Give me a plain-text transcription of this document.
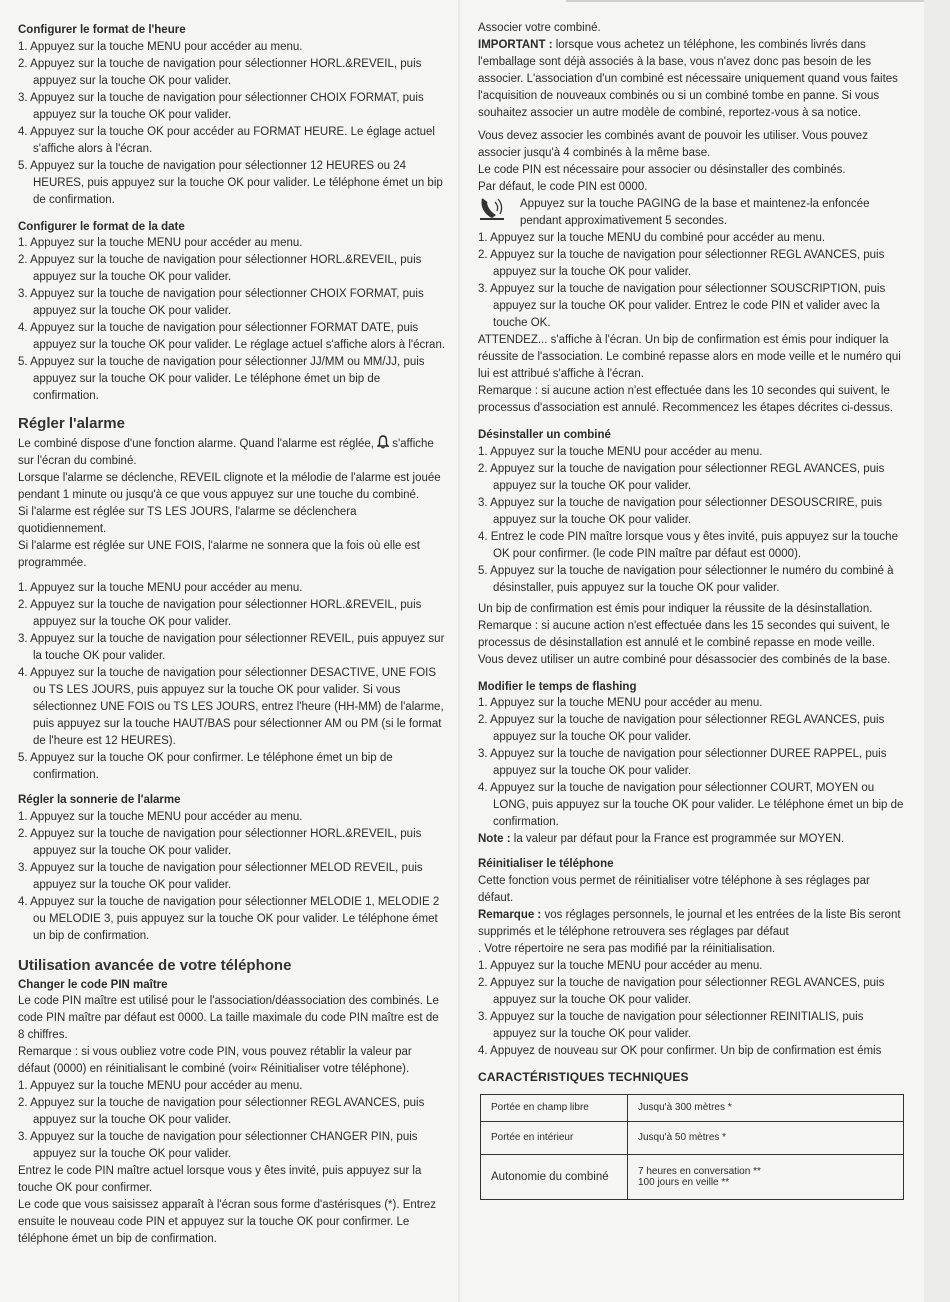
Configurer le format de l'heure
1. Appuyez sur la touche MENU pour accéder au menu.
2. Appuyez sur la touche de navigation pour sélectionner HORL.&REVEIL, puis appuyez sur la touche OK pour valider.
3. Appuyez sur la touche de navigation pour sélectionner CHOIX FORMAT, puis appuyez sur la touche OK pour valider.
4. Appuyez sur la touche OK pour accéder au FORMAT HEURE. Le églage actuel s'affiche alors à l'écran.
5. Appuyez sur la touche de navigation pour sélectionner 12 HEURES ou 24 HEURES, puis appuyez sur la touche OK pour valider. Le téléphone émet un bip de confirmation.
Configurer le format de la date
1. Appuyez sur la touche MENU pour accéder au menu.
2. Appuyez sur la touche de navigation pour sélectionner HORL.&REVEIL, puis appuyez sur la touche OK pour valider.
3. Appuyez sur la touche de navigation pour sélectionner CHOIX FORMAT, puis appuyez sur la touche OK pour valider.
4. Appuyez sur la touche de navigation pour sélectionner FORMAT DATE, puis appuyez sur la touche OK pour valider. Le réglage actuel s'affiche alors à l'écran.
5. Appuyez sur la touche de navigation pour sélectionner JJ/MM ou MM/JJ, puis appuyez sur la touche OK pour valider. Le téléphone émet un bip de confirmation.
Régler l'alarme

Le combiné dispose d'une fonction alarme. Quand l'alarme est réglée, s'affiche sur l'écran du combiné.

Lorsque l'alarme se déclenche, REVEIL clignote et la mélodie de l'alarme est jouée pendant 1 minute ou jusqu'à ce que vous appuyez sur une touche du combiné.

Si l'alarme est réglée sur TS LES JOURS, l'alarme se déclenchera quotidiennement.

Si l'alarme est réglée sur UNE FOIS, l'alarme ne sonnera que la fois où elle est programmée.

1. Appuyez sur la touche MENU pour accéder au menu.
2. Appuyez sur la touche de navigation pour sélectionner HORL.&REVEIL, puis appuyez sur la touche OK pour valider.
3. Appuyez sur la touche de navigation pour sélectionner REVEIL, puis appuyez sur la touche OK pour valider.
4. Appuyez sur la touche de navigation pour sélectionner DESACTIVE, UNE FOIS ou TS LES JOURS, puis appuyez sur la touche OK pour valider. Si vous sélectionnez UNE FOIS ou TS LES JOURS, entrez l'heure (HH-MM) de l'alarme, puis appuyez sur la touche HAUT/BAS pour sélectionner AM ou PM (si le format de l'heure est 12 HEURES).
5. Appuyez sur la touche OK pour confirmer. Le téléphone émet un bip de confirmation.
Régler la sonnerie de l'alarme
1. Appuyez sur la touche MENU pour accéder au menu.
2. Appuyez sur la touche de navigation pour sélectionner HORL.&REVEIL, puis appuyez sur la touche OK pour valider.
3. Appuyez sur la touche de navigation pour sélectionner MELOD REVEIL, puis appuyez sur la touche OK pour valider.
4. Appuyez sur la touche de navigation pour sélectionner MELODIE 1, MELODIE 2 ou MELODIE 3, puis appuyez sur la touche OK pour valider. Le téléphone émet un bip de confirmation.
Utilisation avancée de votre téléphone
Changer le code PIN maître

Le code PIN maître est utilisé pour le l'association/déassociation des combinés. Le code PIN maître par défaut est 0000. La taille maximale du code PIN maître est de 8 chiffres.

Remarque : si vous oubliez votre code PIN, vous pouvez rétablir la valeur par défaut (0000) en réinitialisant le combiné (voir« Réinitialiser votre téléphone).

1. Appuyez sur la touche MENU pour accéder au menu.
2. Appuyez sur la touche de navigation pour sélectionner REGL AVANCES, puis appuyez sur la touche OK pour valider.
3. Appuyez sur la touche de navigation pour sélectionner CHANGER PIN, puis appuyez sur la touche OK pour valider.

Entrez le code PIN maître actuel lorsque vous y êtes invité, puis appuyez sur la touche OK pour confirmer.

Le code que vous saisissez apparaît à l'écran sous forme d'astérisques (*). Entrez ensuite le nouveau code PIN et appuyez sur la touche OK pour confirmer. Le téléphone émet un bip de confirmation.

Associer votre combiné.

IMPORTANT : lorsque vous achetez un téléphone, les combinés livrés dans l'emballage sont déjà associés à la base, vous n'avez donc pas besoin de les associer. L'association d'un combiné est nécessaire uniquement quand vous faites l'acquisition de nouveaux combinés ou si un combiné tombe en panne. Si vous souhaitez associer un autre modèle de combiné, reportez-vous à sa notice.

Vous devez associer les combinés avant de pouvoir les utiliser. Vous pouvez associer jusqu'à 4 combinés à la même base.

Le code PIN est nécessaire pour associer ou désinstaller des combinés.

Par défaut, le code PIN est 0000.

Appuyez sur la touche PAGING de la base et maintenez-la enfoncée pendant approximativement 5 secondes.

1. Appuyez sur la touche MENU du combiné pour accéder au menu.
2. Appuyez sur la touche de navigation pour sélectionner REGL AVANCES, puis appuyez sur la touche OK pour valider.
3. Appuyez sur la touche de navigation pour sélectionner SOUSCRIPTION, puis appuyez sur la touche OK pour valider. Entrez le code PIN et valider avec la touche OK.

ATTENDEZ... s'affiche à l'écran. Un bip de confirmation est émis pour indiquer la réussite de l'association. Le combiné repasse alors en mode veille et le numéro qui lui est attribué s'affiche à l'écran.

Remarque : si aucune action n'est effectuée dans les 10 secondes qui suivent, le processus d'association est annulé. Recommencez les étapes décrites ci-dessus.

Désinstaller un combiné
1. Appuyez sur la touche MENU pour accéder au menu.
2. Appuyez sur la touche de navigation pour sélectionner REGL AVANCES, puis appuyez sur la touche OK pour valider.
3. Appuyez sur la touche de navigation pour sélectionner DESOUSCRIRE, puis appuyez sur la touche OK pour valider.
4. Entrez le code PIN maître lorsque vous y êtes invité, puis appuyez sur la touche OK pour confirmer. (le code PIN maître par défaut est 0000).
5. Appuyez sur la touche de navigation pour sélectionner le numéro du combiné à désinstaller, puis appuyez sur la touche OK pour valider.

Un bip de confirmation est émis pour indiquer la réussite de la désinstallation. Remarque : si aucune action n'est effectuée dans les 15 secondes qui suivent, le processus de désinstallation est annulé et le combiné repasse en mode veille.

Vous devez utiliser un autre combiné pour désassocier des combinés de la base.

Modifier le temps de flashing
1. Appuyez sur la touche MENU pour accéder au menu.
2. Appuyez sur la touche de navigation pour sélectionner REGL AVANCES, puis appuyez sur la touche OK pour valider.
3. Appuyez sur la touche de navigation pour sélectionner DUREE RAPPEL, puis appuyez sur la touche OK pour valider.
4. Appuyez sur la touche de navigation pour sélectionner COURT, MOYEN ou LONG, puis appuyez sur la touche OK pour valider. Le téléphone émet un bip de confirmation.

Note : la valeur par défaut pour la France est programmée sur MOYEN.

Réinitialiser le téléphone

Cette fonction vous permet de réinitialiser votre téléphone à ses réglages par défaut.

Remarque : vos réglages personnels, le journal et les entrées de la liste Bis seront supprimés et le téléphone retrouvera ses réglages par défaut

. Votre répertoire ne sera pas modifié par la réinitialisation.

1. Appuyez sur la touche MENU pour accéder au menu.
2. Appuyez sur la touche de navigation pour sélectionner REGL AVANCES, puis appuyez sur la touche OK pour valider.
3. Appuyez sur la touche de navigation pour sélectionner REINITIALIS, puis appuyez sur la touche OK pour valider.
4. Appuyez de nouveau sur OK pour confirmer. Un bip de confirmation est émis
CARACTÉRISTIQUES TECHNIQUES
Portée en champ libre	Jusqu'à 300 mètres *
Portée en intérieur	Jusqu'à 50 mètres *
Autonomie du combiné	7 heures en conversation **
100 jours en veille **
